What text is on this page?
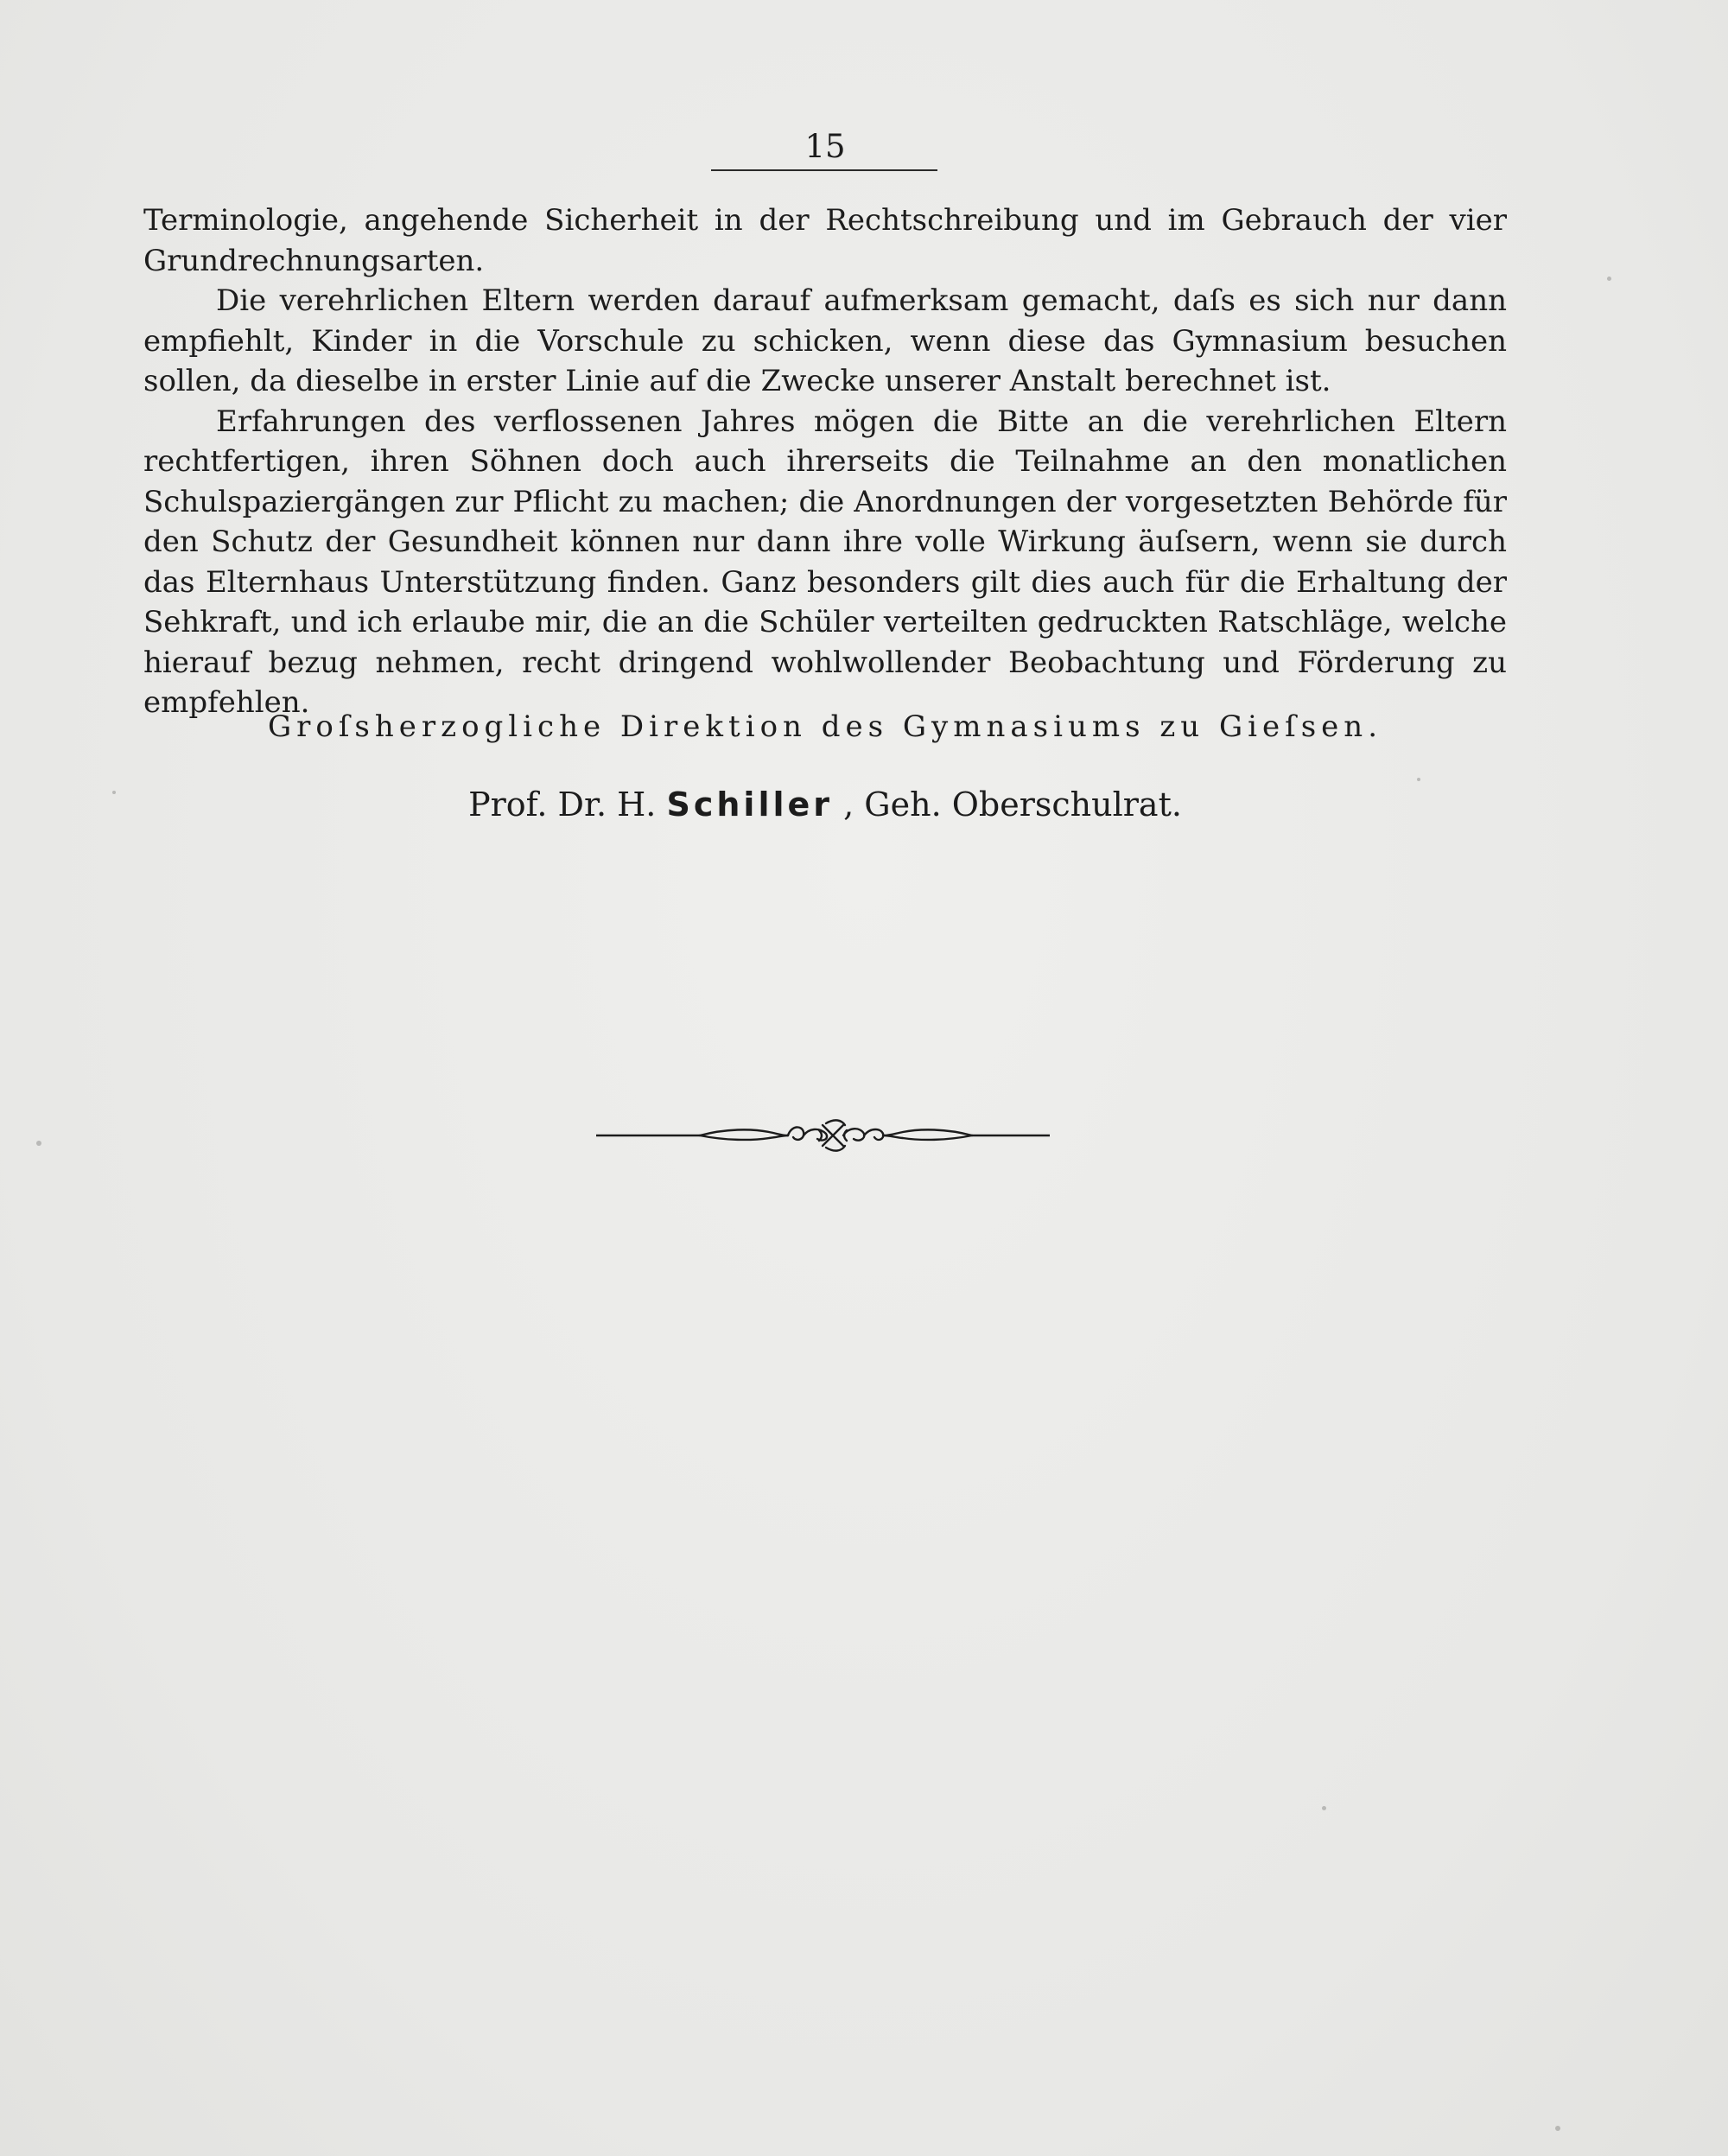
15

Terminologie, angehende Sicherheit in der Rechtschreibung und im Gebrauch der vier Grundrechnungsarten.

Die verehrlichen Eltern werden darauf aufmerksam gemacht, daſs es sich nur dann empfiehlt, Kinder in die Vorschule zu schicken, wenn diese das Gymnasium besuchen sollen, da dieselbe in erster Linie auf die Zwecke unserer Anstalt berechnet ist.

Erfahrungen des verflossenen Jahres mögen die Bitte an die verehrlichen Eltern rechtfertigen, ihren Söhnen doch auch ihrerseits die Teilnahme an den monatlichen Schulspaziergängen zur Pflicht zu machen; die Anordnungen der vorgesetzten Behörde für den Schutz der Gesundheit können nur dann ihre volle Wirkung äuſsern, wenn sie durch das Elternhaus Unterstützung finden. Ganz besonders gilt dies auch für die Erhaltung der Sehkraft, und ich erlaube mir, die an die Schüler verteilten gedruckten Ratschläge, welche hierauf bezug nehmen, recht dringend wohlwollender Beobachtung und Förderung zu empfehlen.

Groſsherzogliche Direktion des Gymnasiums zu Gieſsen.
Prof. Dr. H. Schiller , Geh. Oberschulrat.
